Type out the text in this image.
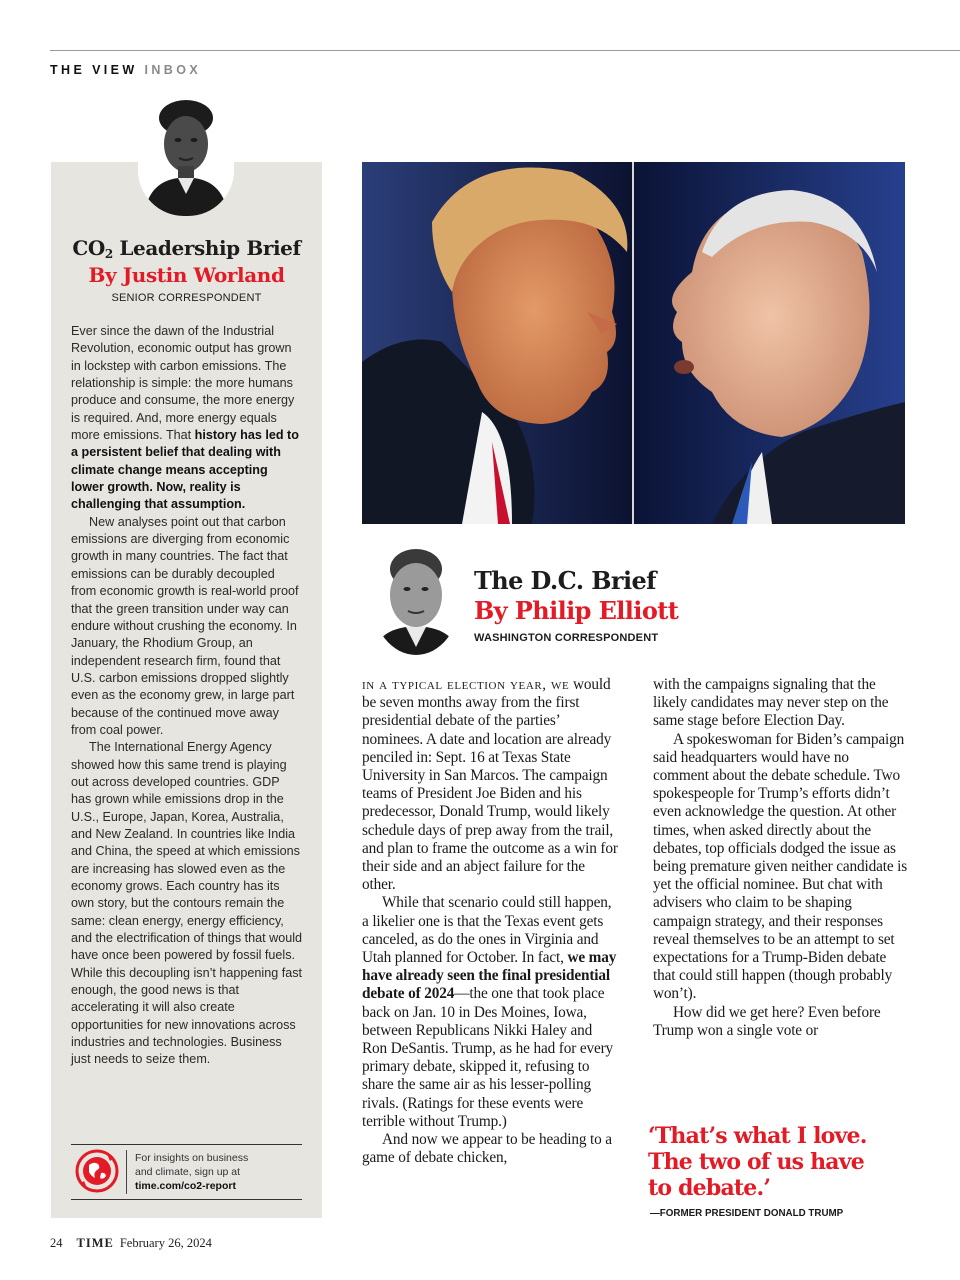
THE VIEW INBOX
$CO_2$ Leadership Brief
By Justin Worland
SENIOR CORRESPONDENT

Ever since the dawn of the Industrial Revolution, economic output has grown in lockstep with carbon emissions. The relationship is simple: the more humans produce and consume, the more energy is required. And, more energy equals more emissions. That history has led to a persistent belief that dealing with climate change means accepting lower growth. Now, reality is challenging that assumption.

New analyses point out that carbon emissions are diverging from economic growth in many countries. The fact that emissions can be durably decoupled from economic growth is real-world proof that the green transition under way can endure without crushing the economy. In January, the Rhodium Group, an independent research firm, found that U.S. carbon emissions dropped slightly even as the economy grew, in large part because of the continued move away from coal power.

The International Energy Agency showed how this same trend is playing out across developed countries. GDP has grown while emissions drop in the U.S., Europe, Japan, Korea, Australia, and New Zealand. In countries like India and China, the speed at which emissions are increasing has slowed even as the economy grows. Each country has its own story, but the contours remain the same: clean energy, energy efficiency, and the electrification of things that would have once been powered by fossil fuels. While this decoupling isn’t happening fast enough, the good news is that accelerating it will also create opportunities for new innovations across industries and technologies. Business just needs to seize them.

For insights on business
and climate, sign up at
time.com/co2-report
The D.C. Brief
By Philip Elliott
WASHINGTON CORRESPONDENT

in a typical election year, we would be seven months away from the first presidential debate of the parties’ nominees. A date and location are already penciled in: Sept. 16 at Texas State University in San Marcos. The campaign teams of President Joe Biden and his predecessor, Donald Trump, would likely schedule days of prep away from the trail, and plan to frame the outcome as a win for their side and an abject failure for the other.

While that scenario could still happen, a likelier one is that the Texas event gets canceled, as do the ones in Virginia and Utah planned for October. In fact, we may have already seen the final presidential debate of 2024—the one that took place back on Jan. 10 in Des Moines, Iowa, between Republicans Nikki Haley and Ron DeSantis. Trump, as he had for every primary debate, skipped it, refusing to share the same air as his lesser-polling rivals. (Ratings for these events were terrible without Trump.)

And now we appear to be heading to a game of debate chicken,

with the campaigns signaling that the likely candidates may never step on the same stage before Election Day.

A spokeswoman for Biden’s campaign said headquarters would have no comment about the debate schedule. Two spokespeople for Trump’s efforts didn’t even acknowledge the question. At other times, when asked directly about the debates, top officials dodged the issue as being premature given neither candidate is yet the official nominee. But chat with advisers who claim to be shaping campaign strategy, and their responses reveal themselves to be an attempt to set expectations for a Trump-Biden debate that could still happen (though probably won’t).

How did we get here? Even before Trump won a single vote or

‘That’s what I love.
The two of us have
to debate.’
—FORMER PRESIDENT DONALD TRUMP
24 TIME February 26, 2024
